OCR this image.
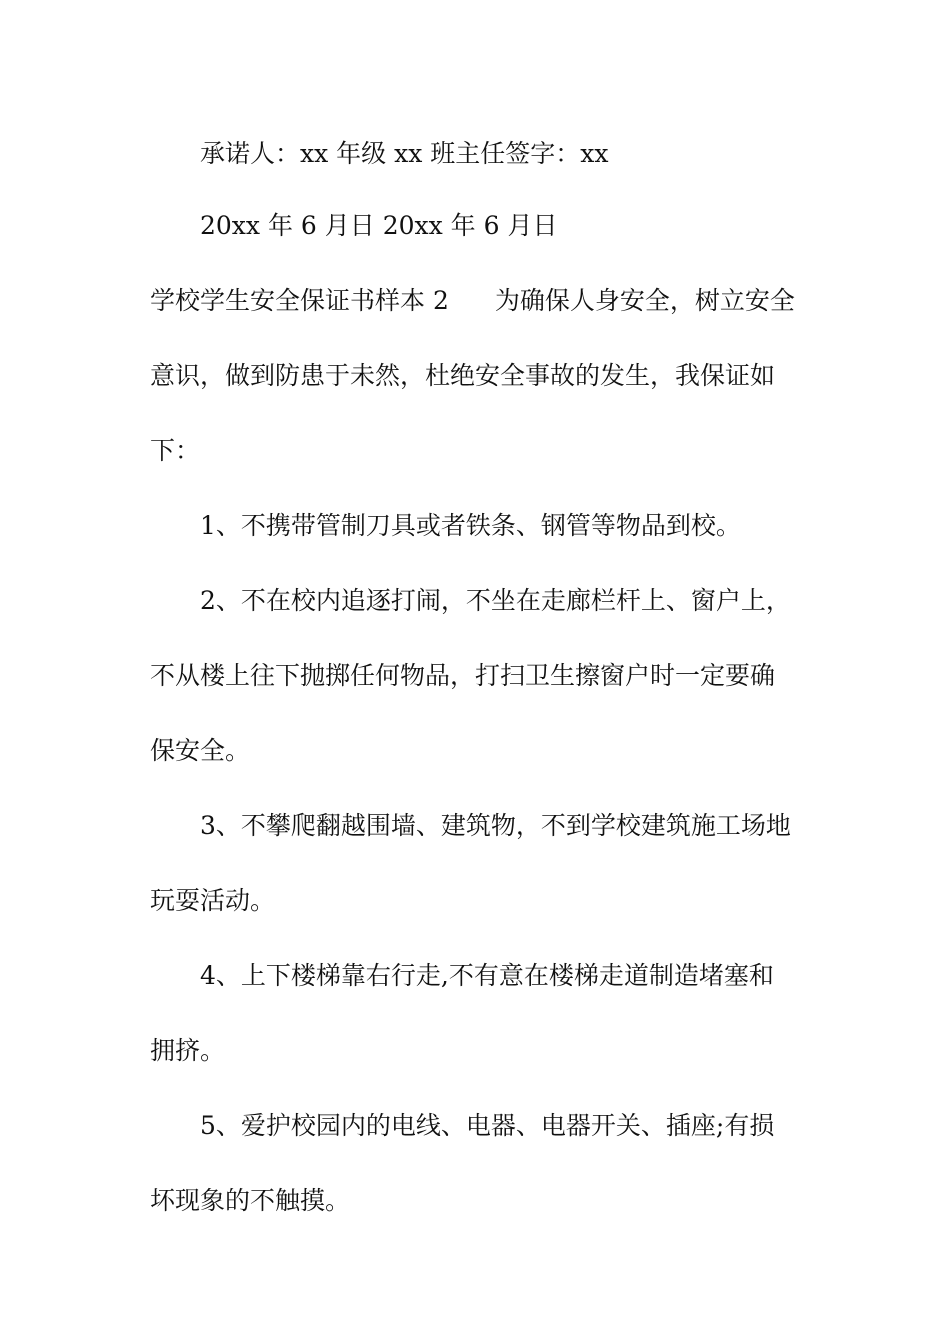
承诺人：xx 年级 xx 班主任签字：xx
20xx 年 6 月日 20xx 年 6 月日
学校学生安全保证书样本 2 为确保人身安全，树立安全
意识，做到防患于未然，杜绝安全事故的发生，我保证如
下：
1、不携带管制刀具或者铁条、钢管等物品到校。
2、不在校内追逐打闹，不坐在走廊栏杆上、窗户上，
不从楼上往下抛掷任何物品，打扫卫生擦窗户时一定要确
保安全。
3、不攀爬翻越围墙、建筑物，不到学校建筑施工场地
玩耍活动。
4、上下楼梯靠右行走,不有意在楼梯走道制造堵塞和
拥挤。
5、爱护校园内的电线、电器、电器开关、插座;有损
坏现象的不触摸。
